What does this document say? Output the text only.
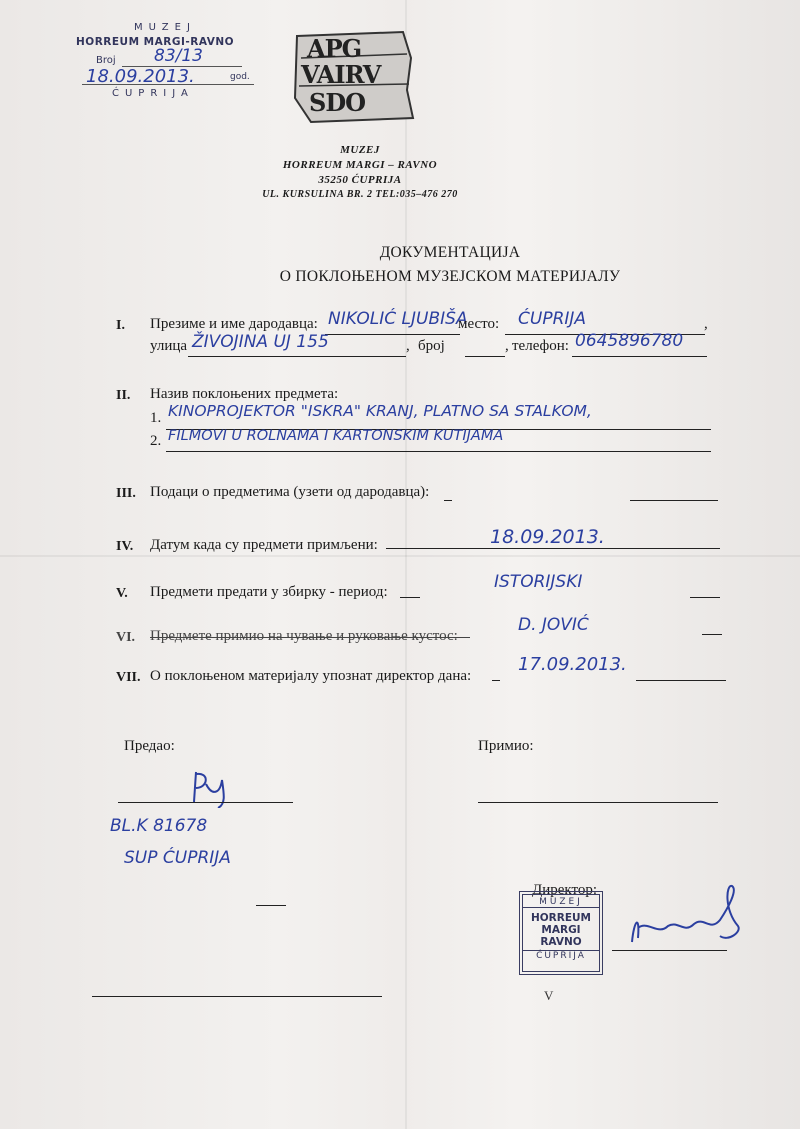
MUZEJ
HORREUM MARGI-RAVNO
Broj 83/13
18.09.2013.	god.
ĆUPRIJA
APG
VAIRV
SDO
MUZEJ
HORREUM MARGI – RAVNO
35250 ĆUPRIJA
UL. KURSULINA BR. 2 TEL:035–476 270
ДОКУМЕНТАЦИЈА
О ПОКЛОЊЕНОМ МУЗЕЈСКОМ МАТЕРИЈАЛУ
I. Презиме и име дародавца: NIKOLIĆ LJUBIŠA
место: ĆUPRIJA	,
улица ŽIVOJINA UJ 155	, број	, телефон: 0645896780
II. Назив поклоњених предмета:
1. KINOPROJEKTOR "ISKRA" KRANJ, PLATNO SA STALKOM,
2. FILMOVI U ROLNAMA I KARTONSKIM KUTIJAMA
III. Подаци о предметима (узети од дародавца):
IV. Датум када су предмети примљени:	18.09.2013.
V. Предмети предати у збирку - период:	ISTORIJSKI
VI. Предмете примио на чување и руковање кустос:
D. JOVIĆ
VII. О поклоњеном материјалу упознат директор дана:
17.09.2013.
Предао:	Примио:
BL.K 81678
SUP ĆUPRIJA
Директор:
MUZEJ
HORREUM
MARGI
RAVNO
ĆUPRIJA
V
